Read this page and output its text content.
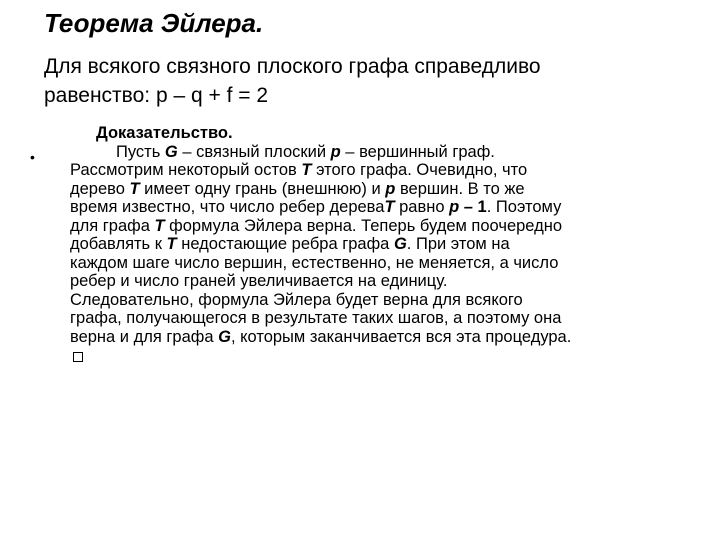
Теорема Эйлера.
Для всякого связного плоского графа справедливо
равенство: p – q + f = 2
•
Доказательство.
Пусть G – связный плоский p – вершинный граф.
Рассмотрим некоторый остов T этого графа. Очевидно, что
дерево T имеет одну грань (внешнюю) и p вершин. В то же
время известно, что число ребер дереваT равно p – 1. Поэтому
для графа T формула Эйлера верна. Теперь будем поочередно
добавлять к T недостающие ребра графа G. При этом на
каждом шаге число вершин, естественно, не меняется, а число
ребер и число граней увеличивается на единицу.
Следовательно, формула Эйлера будет верна для всякого
графа, получающегося в результате таких шагов, а поэтому она
верна и для графа G, которым заканчивается вся эта процедура.
